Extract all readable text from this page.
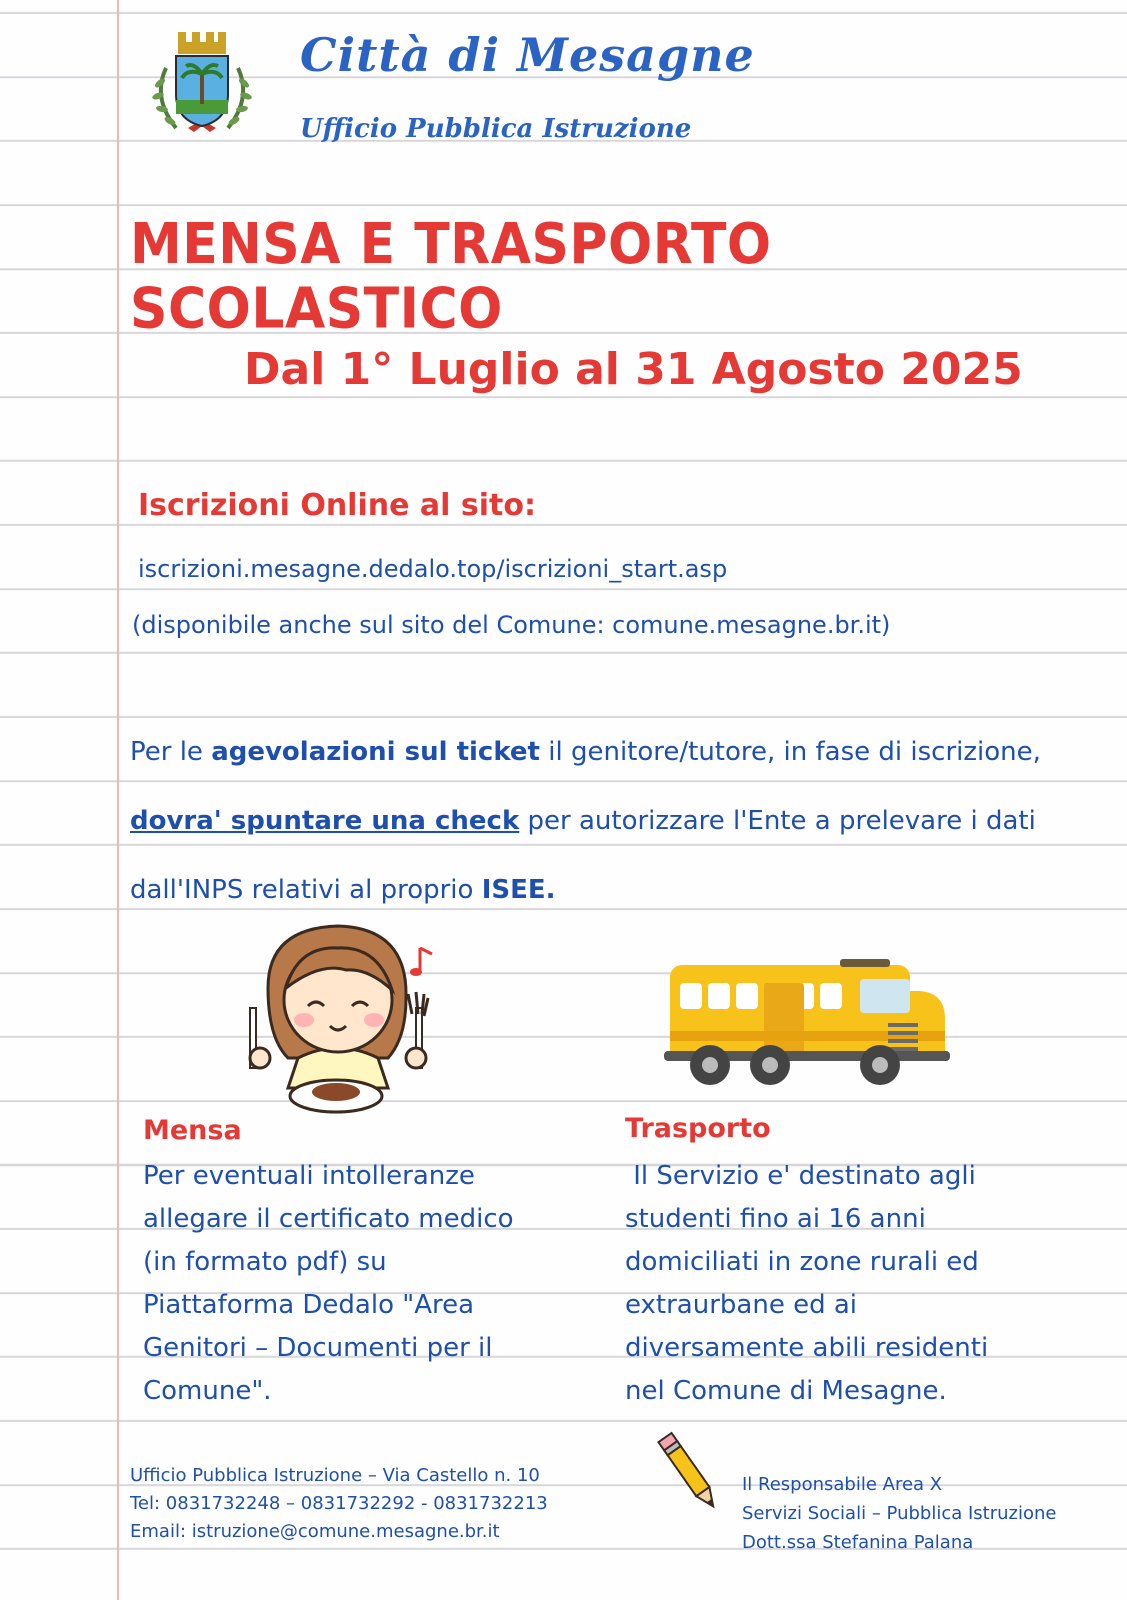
Città di Mesagne
Ufficio Pubblica Istruzione
MENSA E TRASPORTO SCOLASTICO
Dal 1° Luglio al 31 Agosto 2025
Iscrizioni Online al sito:

iscrizioni.mesagne.dedalo.top/iscrizioni_start.asp

(disponibile anche sul sito del Comune: comune.mesagne.br.it)

Per le agevolazioni sul ticket il genitore/tutore, in fase di iscrizione, dovra' spuntare una check per autorizzare l'Ente a prelevare i dati dall'INPS relativi al proprio ISEE.

Mensa
Per eventuali intolleranze
allegare il certificato medico
(in formato pdf) su
Piattaforma Dedalo "Area
Genitori – Documenti per il
Comune".
Trasporto
Il Servizio e' destinato agli
studenti fino ai 16 anni
domiciliati in zone rurali ed
extraurbane ed ai
diversamente abili residenti
nel Comune di Mesagne.
Ufficio Pubblica Istruzione – Via Castello n. 10
Tel: 0831732248 – 0831732292 - 0831732213
Email: istruzione@comune.mesagne.br.it
Il Responsabile Area X
Servizi Sociali – Pubblica Istruzione
Dott.ssa Stefanina Palana
